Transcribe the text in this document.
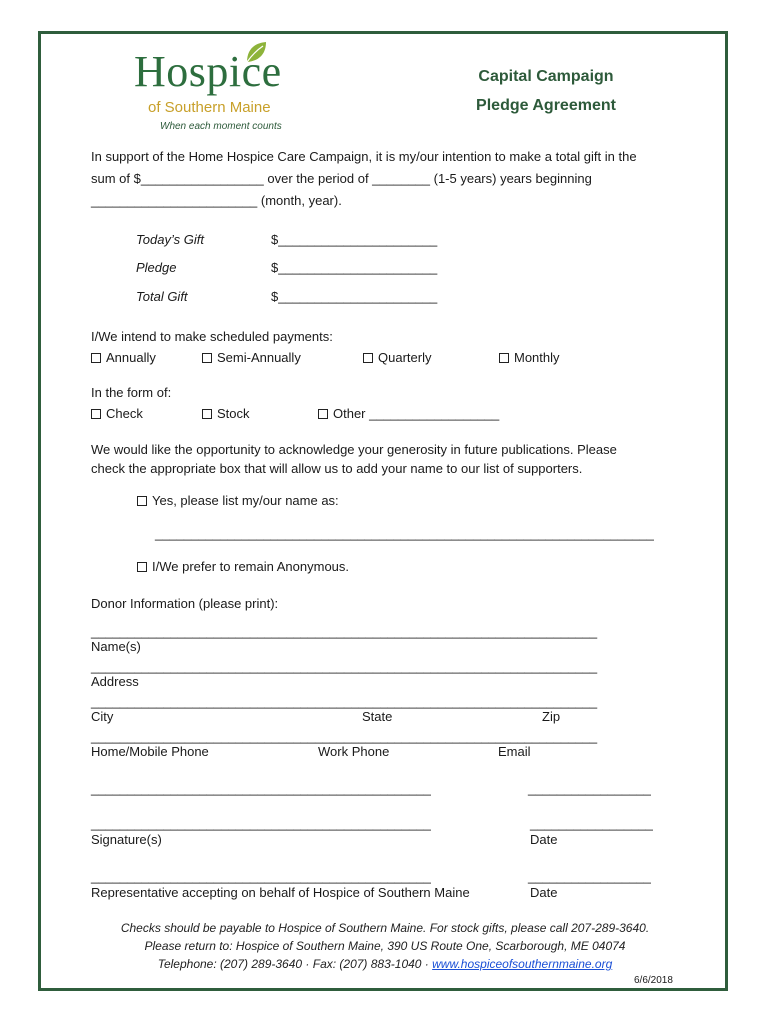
Hospice
of Southern Maine
When each moment counts
Capital Campaign
Pledge Agreement
In support of the Home Hospice Care Campaign, it is my/our intention to make a total gift in the
sum of $_________________ over the period of ________ (1-5 years) years beginning
_______________________ (month, year).
Today’s Gift	$______________________
Pledge	$______________________
Total Gift	$______________________
I/We intend to make scheduled payments:
Annually	Semi-Annually	Quarterly	Monthly
In the form of:
Check	Stock	Other __________________
We would like the opportunity to acknowledge your generosity in future publications. Please
check the appropriate box that will allow us to add your name to our list of supporters.
Yes, please list my/our name as:
_____________________________________________________________________
I/We prefer to remain Anonymous.
Donor Information (please print):
______________________________________________________________________
Name(s)
______________________________________________________________________
Address
______________________________________________________________________
City	State	Zip
______________________________________________________________________
Home/Mobile Phone	Work Phone	Email
_______________________________________________	_________________
_______________________________________________	_________________
Signature(s)	Date
_______________________________________________	_________________
Representative accepting on behalf of Hospice of Southern Maine	Date
Checks should be payable to Hospice of Southern Maine. For stock gifts, please call 207-289-3640.
Please return to: Hospice of Southern Maine, 390 US Route One, Scarborough, ME 04074
Telephone: (207) 289-3640 · Fax: (207) 883-1040 · www.hospiceofsouthernmaine.org
6/6/2018
